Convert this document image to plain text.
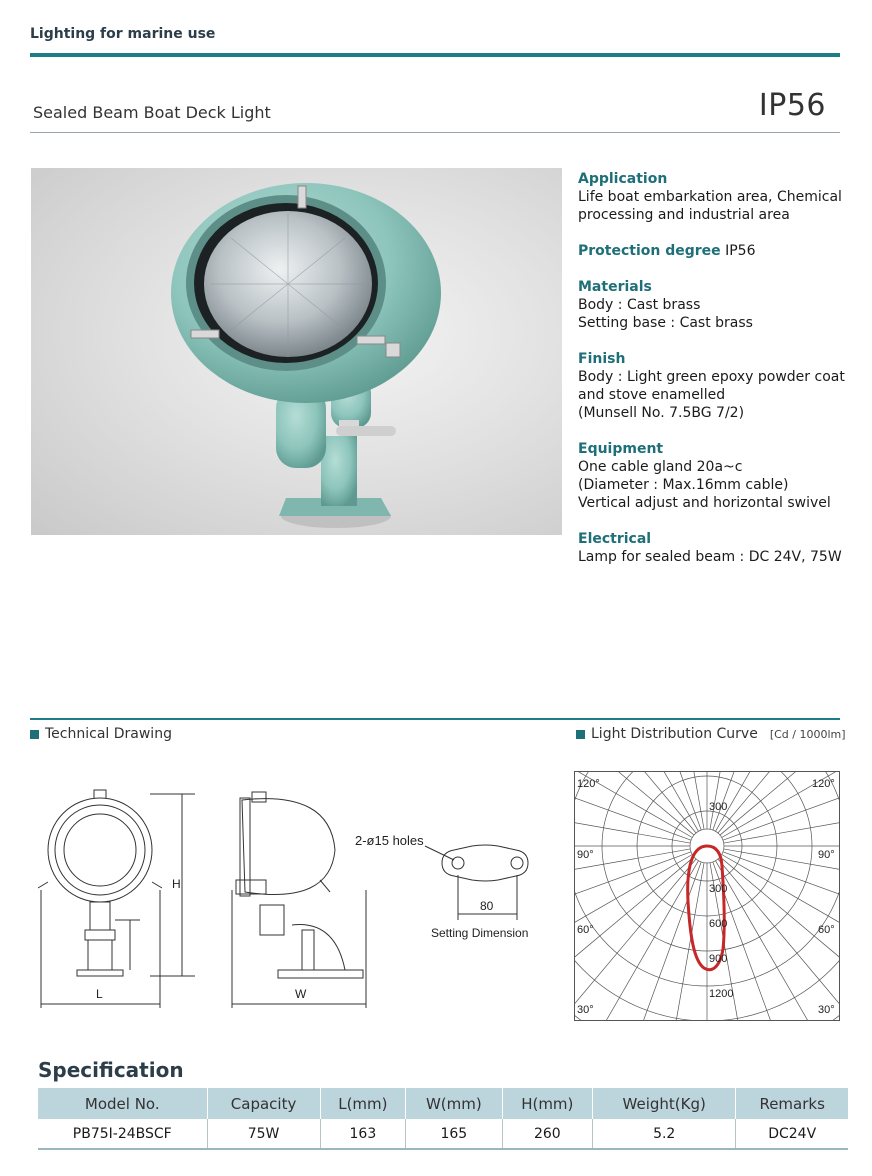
Lighting for marine use
Sealed Beam Boat Deck Light	IP56
Application
Life boat embarkation area, Chemical
processing and industrial area
Protection degree IP56
Materials
Body : Cast brass
Setting base : Cast brass
Finish
Body : Light green epoxy powder coat
and stove enamelled
(Munsell No. 7.5BG 7/2)
Equipment
One cable gland 20a~c
(Diameter : Max.16mm cable)
Vertical adjust and horizontal swivel
Electrical
Lamp for sealed beam : DC 24V, 75W
Technical Drawing	Light Distribution Curve [Cd / 1000lm]
H
L	W
2-ø15 holes
80
Setting Dimension
120°	120°
90°	90°
60°	60°
30°	30°
300
300
600
900
1200
Specification
Model No.	Capacity	L(mm)	W(mm)	H(mm)	Weight(Kg)	Remarks
PB75I-24BSCF	75W	163	165	260	5.2	DC24V
